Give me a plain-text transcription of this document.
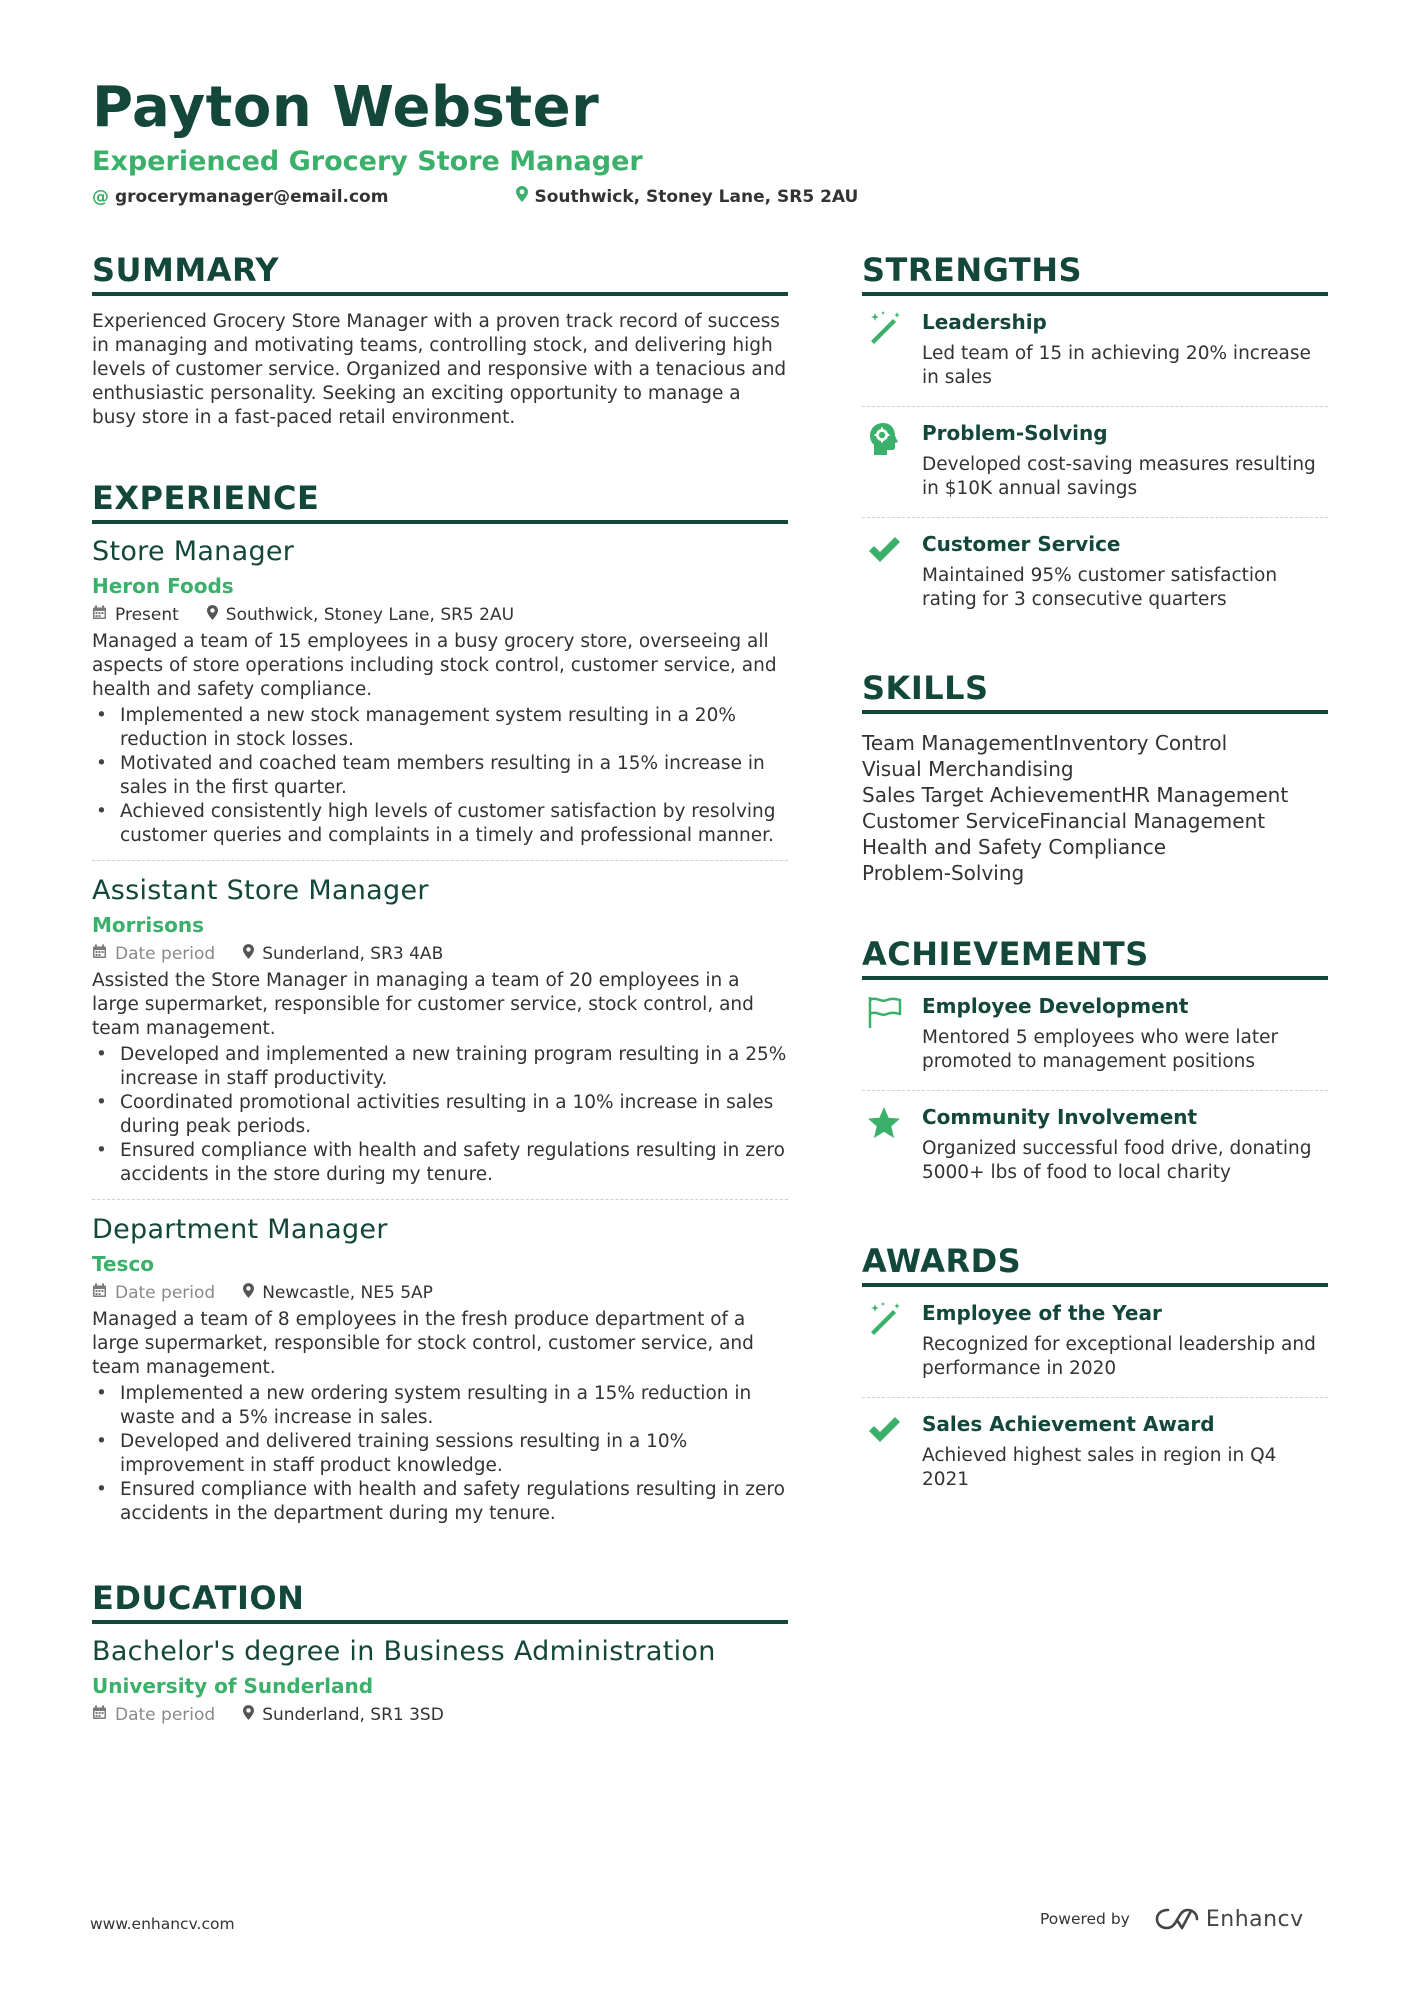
Payton Webster
Experienced Grocery Store Manager
@ grocerymanager@email.com	Southwick, Stoney Lane, SR5 2AU
SUMMARY
Experienced Grocery Store Manager with a proven track record of success in managing and motivating teams, controlling stock, and delivering high levels of customer service. Organized and responsive with a tenacious and enthusiastic personality. Seeking an exciting opportunity to manage a busy store in a fast-paced retail environment.
EXPERIENCE
Store Manager
Heron Foods
Present	Southwick, Stoney Lane, SR5 2AU
Managed a team of 15 employees in a busy grocery store, overseeing all aspects of store operations including stock control, customer service, and health and safety compliance.
• Implemented a new stock management system resulting in a 20% reduction in stock losses.
• Motivated and coached team members resulting in a 15% increase in sales in the first quarter.
• Achieved consistently high levels of customer satisfaction by resolving customer queries and complaints in a timely and professional manner.
Assistant Store Manager
Morrisons
Date period	Sunderland, SR3 4AB
Assisted the Store Manager in managing a team of 20 employees in a large supermarket, responsible for customer service, stock control, and team management.
• Developed and implemented a new training program resulting in a 25% increase in staff productivity.
• Coordinated promotional activities resulting in a 10% increase in sales during peak periods.
• Ensured compliance with health and safety regulations resulting in zero accidents in the store during my tenure.
Department Manager
Tesco
Date period	Newcastle, NE5 5AP
Managed a team of 8 employees in the fresh produce department of a large supermarket, responsible for stock control, customer service, and team management.
• Implemented a new ordering system resulting in a 15% reduction in waste and a 5% increase in sales.
• Developed and delivered training sessions resulting in a 10% improvement in staff product knowledge.
• Ensured compliance with health and safety regulations resulting in zero accidents in the department during my tenure.
EDUCATION
Bachelor's degree in Business Administration
University of Sunderland
Date period	Sunderland, SR1 3SD
STRENGTHS
Leadership
Led team of 15 in achieving 20% increase in sales
Problem-Solving
Developed cost-saving measures resulting in $10K annual savings
Customer Service
Maintained 95% customer satisfaction rating for 3 consecutive quarters
SKILLS
Team ManagementInventory Control
Visual Merchandising
Sales Target AchievementHR Management
Customer ServiceFinancial Management
Health and Safety Compliance
Problem-Solving
ACHIEVEMENTS
Employee Development
Mentored 5 employees who were later promoted to management positions
Community Involvement
Organized successful food drive, donating 5000+ lbs of food to local charity
AWARDS
Employee of the Year
Recognized for exceptional leadership and performance in 2020
Sales Achievement Award
Achieved highest sales in region in Q4 2021
www.enhancv.com	Powered by	Enhancv
